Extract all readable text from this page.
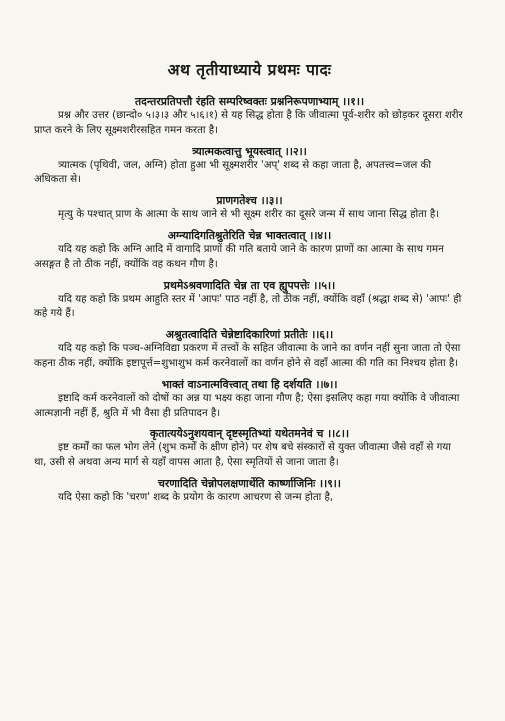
अथ तृतीयाध्याये प्रथमः पादः

तदन्तरप्रतिपत्तौ रंहति सम्परिष्वक्तः प्रश्ननिरूपणाभ्याम् ।।१।।

प्रश्न और उत्तर (छान्दो० ५।३।३ और ५।६।१) से यह सिद्ध होता है कि जीवात्मा पूर्व-शरीर को छोड़कर दूसरा शरीर प्राप्त करने के लिए सूक्ष्मशरीरसहित गमन करता है।

त्र्यात्मकत्वात्तु भूयस्त्वात् ।।२।।

त्र्यात्मक (पृथिवी, जल, अग्नि) होता हुआ भी सूक्ष्मशरीर 'अप्' शब्द से कहा जाता है, अपतत्त्व=जल की अधिकता से।

प्राणगतेश्च ।।३।।

मृत्यु के पश्चात् प्राण के आत्मा के साथ जाने से भी सूक्ष्म शरीर का दूसरे जन्म में साथ जाना सिद्ध होता है।

अग्न्यादिगतिश्रुतेरिति चेन्न भाक्तत्वात् ।।४।।

यदि यह कहो कि अग्नि आदि में वागादि प्राणों की गति बताये जाने के कारण प्राणों का आत्मा के साथ गमन असङ्गत है तो ठीक नहीं, क्योंकि वह कथन गौण है।

प्रथमेऽश्रवणादिति चेन्न ता एव ह्युपपत्तेः ।।५।।

यदि यह कहो कि प्रथम आहुति स्तर में 'आपः' पाठ नहीं है, तो ठीक नहीं, क्योंकि वहाँ (श्रद्धा शब्द से) 'आपः' ही कहे गये हैं।

अश्रुतत्वादिति चेन्नेष्टादिकारिणां प्रतीतेः ।।६।।

यदि यह कहो कि पञ्च-अग्निविद्या प्रकरण में तत्त्वों के सहित जीवात्मा के जाने का वर्णन नहीं सुना जाता तो ऐसा कहना ठीक नहीं, क्योंकि इष्टापूर्त्त=शुभाशुभ कर्म करनेवालों का वर्णन होने से वहाँ आत्मा की गति का निश्चय होता है।

भाक्तं वाऽनात्मवित्त्वात् तथा हि दर्शयति ।।७।।

इष्टादि कर्म करनेवालों को दोषों का अन्न या भक्ष्य कहा जाना गौण है; ऐसा इसलिए कहा गया क्योंकि वे जीवात्मा आत्मज्ञानी नहीं हैं, श्रुति में भी वैसा ही प्रतिपादन है।

कृतात्ययेऽनुशयवान् दृष्टस्मृतिभ्यां यथेतमनेवं च ।।८।।

इष्ट कर्मों का फल भोग लेने (शुभ कर्मों के क्षीण होने) पर शेष बचे संस्कारों से युक्त जीवात्मा जैसे वहाँ से गया था, उसी से अथवा अन्य मार्ग से यहाँ वापस आता है, ऐसा स्मृतियों से जाना जाता है।

चरणादिति चेन्नोपलक्षणार्थेति कार्ष्णाजिनिः ।।९।।

यदि ऐसा कहो कि 'चरण' शब्द के प्रयोग के कारण आचरण से जन्म होता है,
